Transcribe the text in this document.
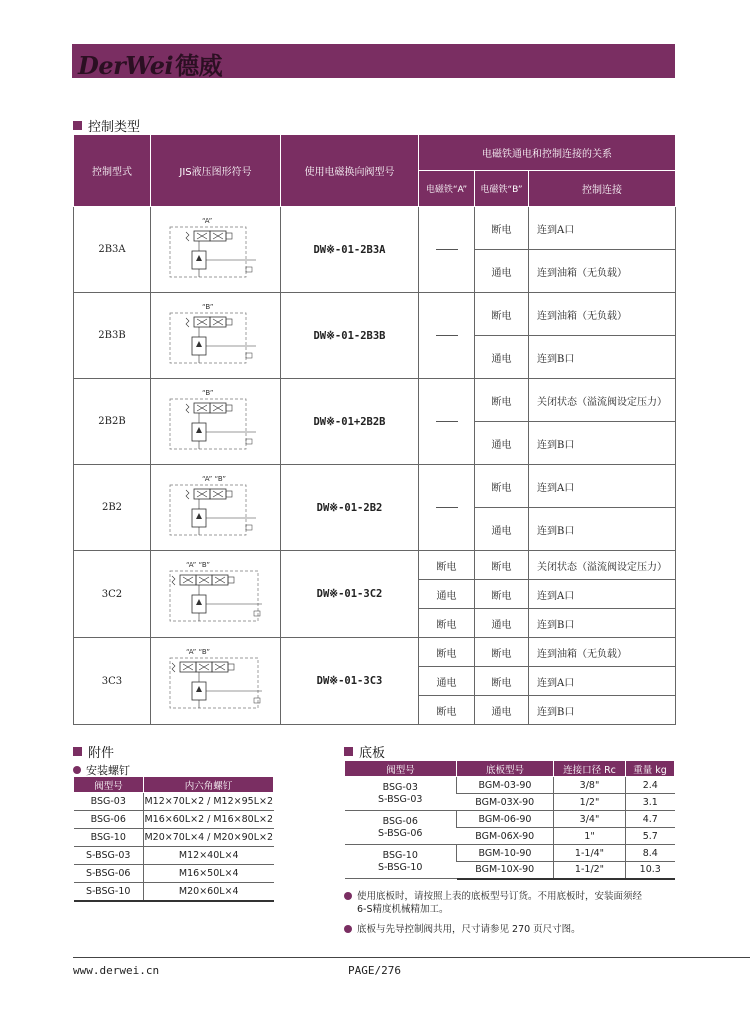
DerWei德威
控制类型
控制型式	JIS液压图形符号	使用电磁换向阀型号	电磁铁通电和控制连接的关系		
			电磁铁“A”	电磁铁“B”	控制连接
2B3A	“A”	DW※-01-2B3A		断电	连到A口
				通电	连到油箱（无负载）
2B3B	“B”	DW※-01-2B3B		断电	连到油箱（无负载）
				通电	连到B口
2B2B	“B”	DW※-01+2B2B		断电	关闭状态（溢流阀设定压力）
				通电	连到B口
2B2	“A” “B”	DW※-01-2B2		断电	连到A口
				通电	连到B口
3C2	“A” “B”	DW※-01-3C2	断电	断电	关闭状态（溢流阀设定压力）
			通电	断电	连到A口
			断电	通电	连到B口
3C3	“A” “B”	DW※-01-3C3	断电	断电	连到油箱（无负载）
			通电	断电	连到A口
			断电	通电	连到B口
附件
安装螺钉
阀型号	内六角螺钉
BSG-03	M12×70L×2 / M12×95L×2
BSG-06	M16×60L×2 / M16×80L×2
BSG-10	M20×70L×4 / M20×90L×2
S-BSG-03	M12×40L×4
S-BSG-06	M16×50L×4
S-BSG-10	M20×60L×4
底板
阀型号	底板型号	连接口径 Rc	重量 kg

BSG-03
S-BSG-03	BGM-03-90	3/8"	2.4
	BGM-03X-90	1/2"	3.1

BSG-06
S-BSG-06	BGM-06-90	3/4"	4.7
	BGM-06X-90	1"	5.7

BSG-10
S-BSG-10	BGM-10-90	1-1/4"	8.4
	BGM-10X-90	1-1/2"	10.3
使用底板时，请按照上表的底板型号订货。不用底板时，安装面须经6-S精度机械精加工。
底板与先导控制阀共用，尺寸请参见 270 页尺寸图。
www.derwei.cn	PAGE/276
